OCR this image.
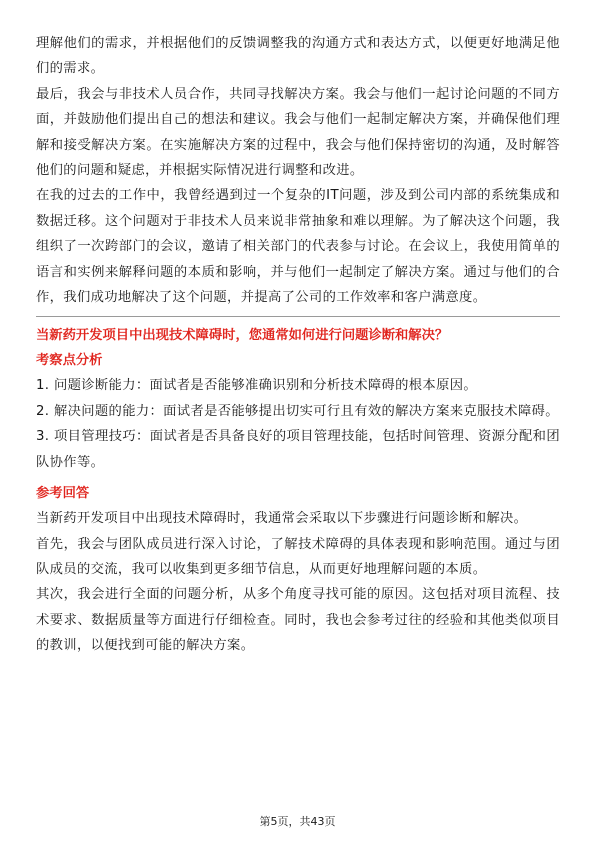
理解他们的需求，并根据他们的反馈调整我的沟通方式和表达方式，以便更好地满足他们的需求。

最后，我会与非技术人员合作，共同寻找解决方案。我会与他们一起讨论问题的不同方面，并鼓励他们提出自己的想法和建议。我会与他们一起制定解决方案，并确保他们理解和接受解决方案。在实施解决方案的过程中，我会与他们保持密切的沟通，及时解答他们的问题和疑虑，并根据实际情况进行调整和改进。

在我的过去的工作中，我曾经遇到过一个复杂的IT问题，涉及到公司内部的系统集成和数据迁移。这个问题对于非技术人员来说非常抽象和难以理解。为了解决这个问题，我组织了一次跨部门的会议，邀请了相关部门的代表参与讨论。在会议上，我使用简单的语言和实例来解释问题的本质和影响，并与他们一起制定了解决方案。通过与他们的合作，我们成功地解决了这个问题，并提高了公司的工作效率和客户满意度。

当新药开发项目中出现技术障碍时，您通常如何进行问题诊断和解决？
考察点分析

1. 问题诊断能力：面试者是否能够准确识别和分析技术障碍的根本原因。

2. 解决问题的能力：面试者是否能够提出切实可行且有效的解决方案来克服技术障碍。

3. 项目管理技巧：面试者是否具备良好的项目管理技能，包括时间管理、资源分配和团队协作等。

参考回答

当新药开发项目中出现技术障碍时，我通常会采取以下步骤进行问题诊断和解决。

首先，我会与团队成员进行深入讨论，了解技术障碍的具体表现和影响范围。通过与团队成员的交流，我可以收集到更多细节信息，从而更好地理解问题的本质。

其次，我会进行全面的问题分析，从多个角度寻找可能的原因。这包括对项目流程、技术要求、数据质量等方面进行仔细检查。同时，我也会参考过往的经验和其他类似项目的教训，以便找到可能的解决方案。

第5页，共43页
